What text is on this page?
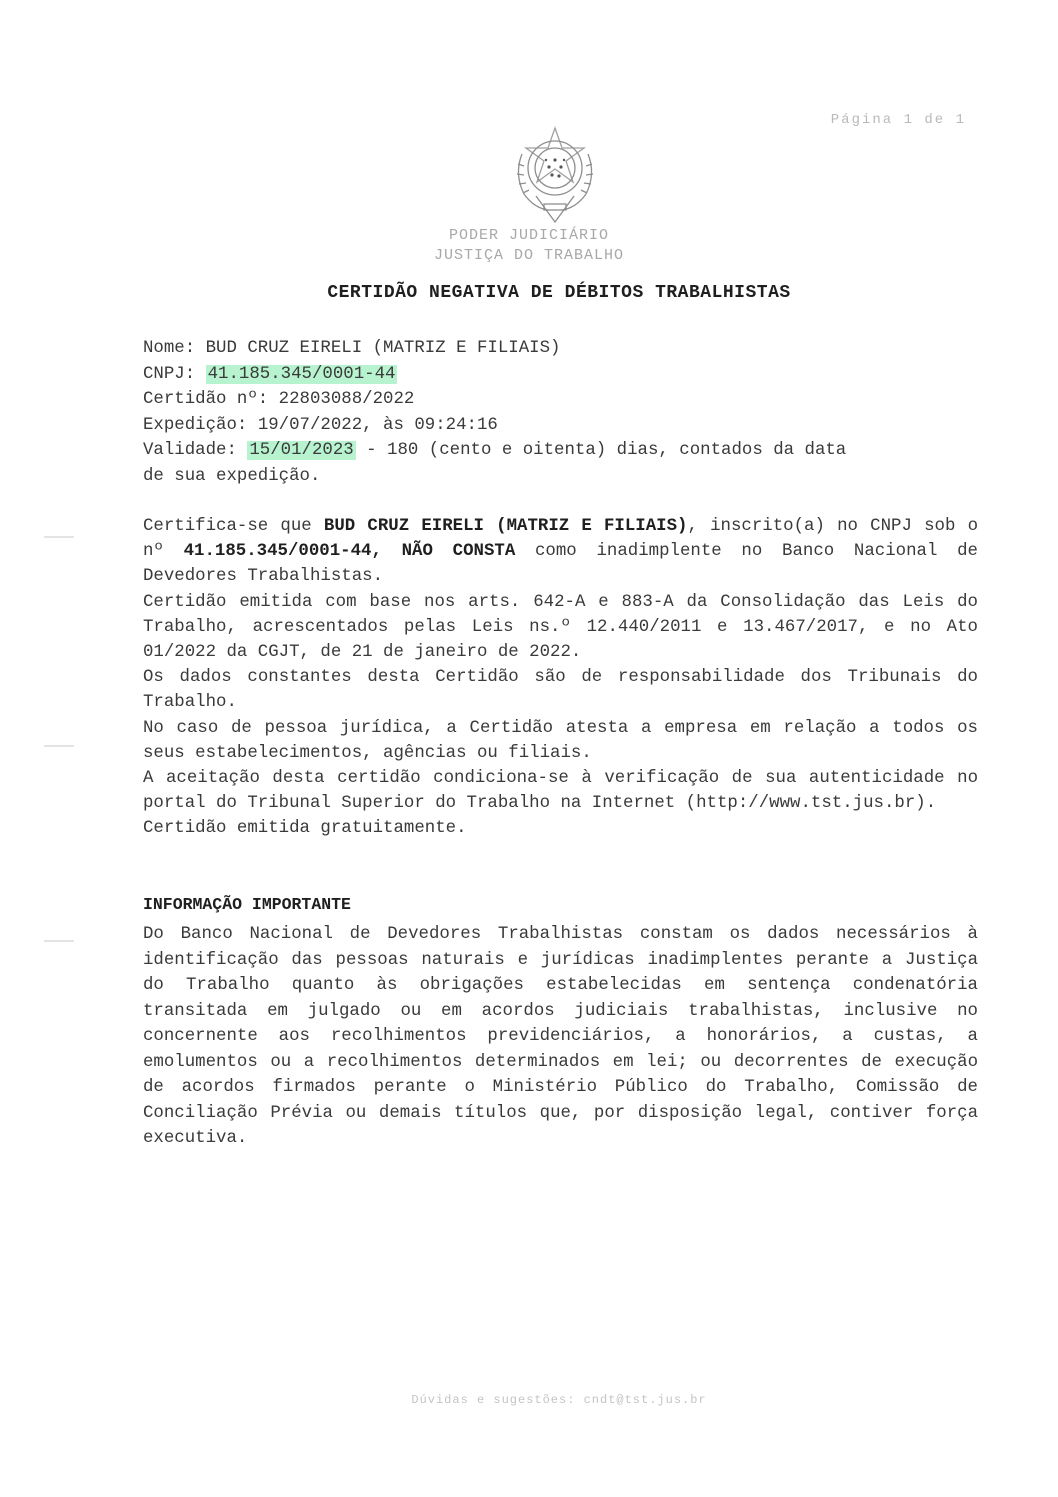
Página 1 de 1
PODER JUDICIÁRIO
JUSTIÇA DO TRABALHO
CERTIDÃO NEGATIVA DE DÉBITOS TRABALHISTAS
Nome: BUD CRUZ EIRELI (MATRIZ E FILIAIS)
CNPJ: 41.185.345/0001-44
Certidão nº: 22803088/2022
Expedição: 19/07/2022, às 09:24:16
Validade: 15/01/2023 - 180 (cento e oitenta) dias, contados da data
de sua expedição.

Certifica-se que BUD CRUZ EIRELI (MATRIZ E FILIAIS), inscrito(a) no CNPJ sob o nº 41.185.345/0001-44, NÃO CONSTA como inadimplente no Banco Nacional de Devedores Trabalhistas.

Certidão emitida com base nos arts. 642-A e 883-A da Consolidação das Leis do Trabalho, acrescentados pelas Leis ns.º 12.440/2011 e 13.467/2017, e no Ato 01/2022 da CGJT, de 21 de janeiro de 2022.

Os dados constantes desta Certidão são de responsabilidade dos Tribunais do Trabalho.

No caso de pessoa jurídica, a Certidão atesta a empresa em relação a todos os seus estabelecimentos, agências ou filiais.

A aceitação desta certidão condiciona-se à verificação de sua autenticidade no portal do Tribunal Superior do Trabalho na Internet (http://www.tst.jus.br).

Certidão emitida gratuitamente.

INFORMAÇÃO IMPORTANTE
Do Banco Nacional de Devedores Trabalhistas constam os dados necessários à identificação das pessoas naturais e jurídicas inadimplentes perante a Justiça do Trabalho quanto às obrigações estabelecidas em sentença condenatória transitada em julgado ou em acordos judiciais trabalhistas, inclusive no concernente aos recolhimentos previdenciários, a honorários, a custas, a emolumentos ou a recolhimentos determinados em lei; ou decorrentes de execução de acordos firmados perante o Ministério Público do Trabalho, Comissão de Conciliação Prévia ou demais títulos que, por disposição legal, contiver força executiva.
Dúvidas e sugestões: cndt@tst.jus.br
